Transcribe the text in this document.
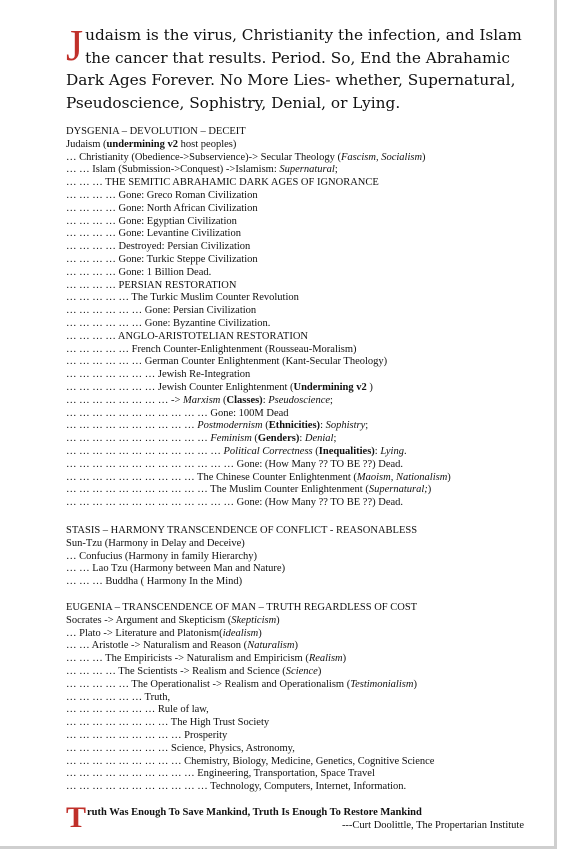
Judaism is the virus, Christianity the infection, and Islam the cancer that results. Period. So, End the Abrahamic Dark Ages Forever. No More Lies- whether, Supernatural, Pseudoscience, Sophistry, Denial, or Lying.

DYSGENIA – DEVOLUTION – DECEIT
Judaism (undermining v2 host peoples)
… Christianity (Obedience->Subservience)-> Secular Theology (Fascism, Socialism)
… … Islam (Submission->Conquest) ->Islamism: Supernatural;
… … … THE SEMITIC ABRAHAMIC DARK AGES OF IGNORANCE
… … … … Gone: Greco Roman Civilization
… … … … Gone: North African Civilization
… … … … Gone: Egyptian Civilization
… … … … Gone: Levantine Civilization
… … … … Destroyed: Persian Civilization
… … … … Gone: Turkic Steppe Civilization
… … … … Gone: 1 Billion Dead.
… … … … PERSIAN RESTORATION
… … … … … The Turkic Muslim Counter Revolution
… … … … … … Gone: Persian Civilization
… … … … … … Gone: Byzantine Civilization.
… … … … ANGLO-ARISTOTELIAN RESTORATION
… … … … … French Counter-Enlightenment (Rousseau-Moralism)
… … … … … … German Counter Enlightenment (Kant-Secular Theology)
… … … … … … … Jewish Re-Integration
… … … … … … … Jewish Counter Enlightenment (Undermining v2 )
… … … … … … … … -> Marxism (Classes): Pseudoscience;
… … … … … … … … … … … Gone: 100M Dead
… … … … … … … … … … Postmodernism (Ethnicities): Sophistry;
… … … … … … … … … … … Feminism (Genders): Denial;
… … … … … … … … … … … … Political Correctness (Inequalities): Lying.
… … … … … … … … … … … … … Gone: (How Many ?? TO BE ??) Dead.
… … … … … … … … … … The Chinese Counter Enlightenment (Maoism, Nationalism)
… … … … … … … … … … … The Muslim Counter Enlightenment (Supernatural;)
… … … … … … … … … … … … … Gone: (How Many ?? TO BE ??) Dead.
STASIS – HARMONY TRANSCENDENCE OF CONFLICT - REASONABLESS
Sun-Tzu (Harmony in Delay and Deceive)
… Confucius (Harmony in family Hierarchy)
… … Lao Tzu (Harmony between Man and Nature)
… … … Buddha ( Harmony In the Mind)
EUGENIA – TRANSCENDENCE OF MAN – TRUTH REGARDLESS OF COST
Socrates -> Argument and Skepticism (Skepticism)
… Plato -> Literature and Platonism(idealism)
… … Aristotle -> Naturalism and Reason (Naturalism)
… … … The Empiricists -> Naturalism and Empiricism (Realism)
… … … … The Scientists -> Realism and Science (Science)
… … … … … The Operationalist -> Realism and Operationalism (Testimonialism)
… … … … … … Truth,
… … … … … … … Rule of law,
… … … … … … … … The High Trust Society
… … … … … … … … … Prosperity
… … … … … … … … Science, Physics, Astronomy,
… … … … … … … … … Chemistry, Biology, Medicine, Genetics, Cognitive Science
… … … … … … … … … … Engineering, Transportation, Space Travel
… … … … … … … … … … … Technology, Computers, Internet, Information.
Truth Was Enough To Save Mankind, Truth Is Enough To Restore Mankind
---Curt Doolittle, The Propertarian Institute
